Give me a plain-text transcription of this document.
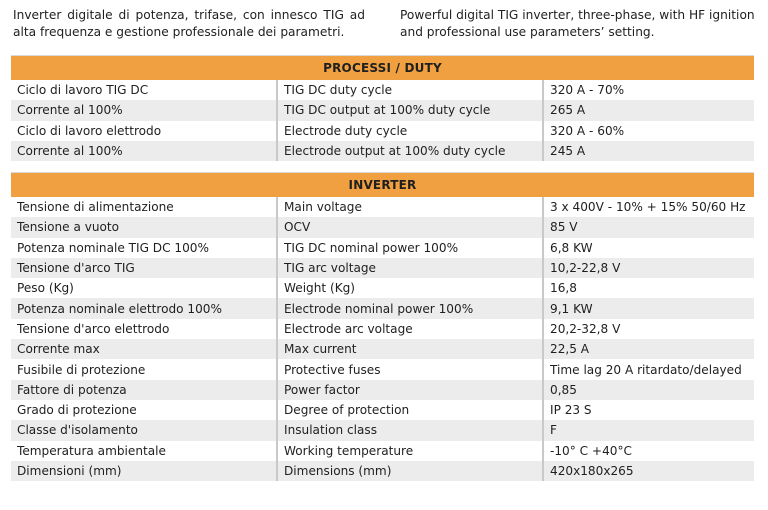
Inverter digitale di potenza, trifase, con innesco TIG ad alta frequenza e gestione professionale dei parametri.
Powerful digital TIG inverter, three-phase, with HF ignition and professional use parameters’ setting.
PROCESSI / DUTY
Ciclo di lavoro TIG DC	TIG DC duty cycle	320 A - 70%
Corrente al 100%	TIG DC output at 100% duty cycle	265 A
Ciclo di lavoro elettrodo	Electrode duty cycle	320 A - 60%
Corrente al 100%	Electrode output at 100% duty cycle	245 A
INVERTER
Tensione di alimentazione	Main voltage	3 x 400V - 10% + 15% 50/60 Hz
Tensione a vuoto	OCV	85 V
Potenza nominale TIG DC 100%	TIG DC nominal power 100%	6,8 KW
Tensione d'arco TIG	TIG arc voltage	10,2-22,8 V
Peso (Kg)	Weight (Kg)	16,8
Potenza nominale elettrodo 100%	Electrode nominal power 100%	9,1 KW
Tensione d'arco elettrodo	Electrode arc voltage	20,2-32,8 V
Corrente max	Max current	22,5 A
Fusibile di protezione	Protective fuses	Time lag 20 A ritardato/delayed
Fattore di potenza	Power factor	0,85
Grado di protezione	Degree of protection	IP 23 S
Classe d'isolamento	Insulation class	F
Temperatura ambientale	Working temperature	-10° C +40°C
Dimensioni (mm)	Dimensions (mm)	420x180x265
